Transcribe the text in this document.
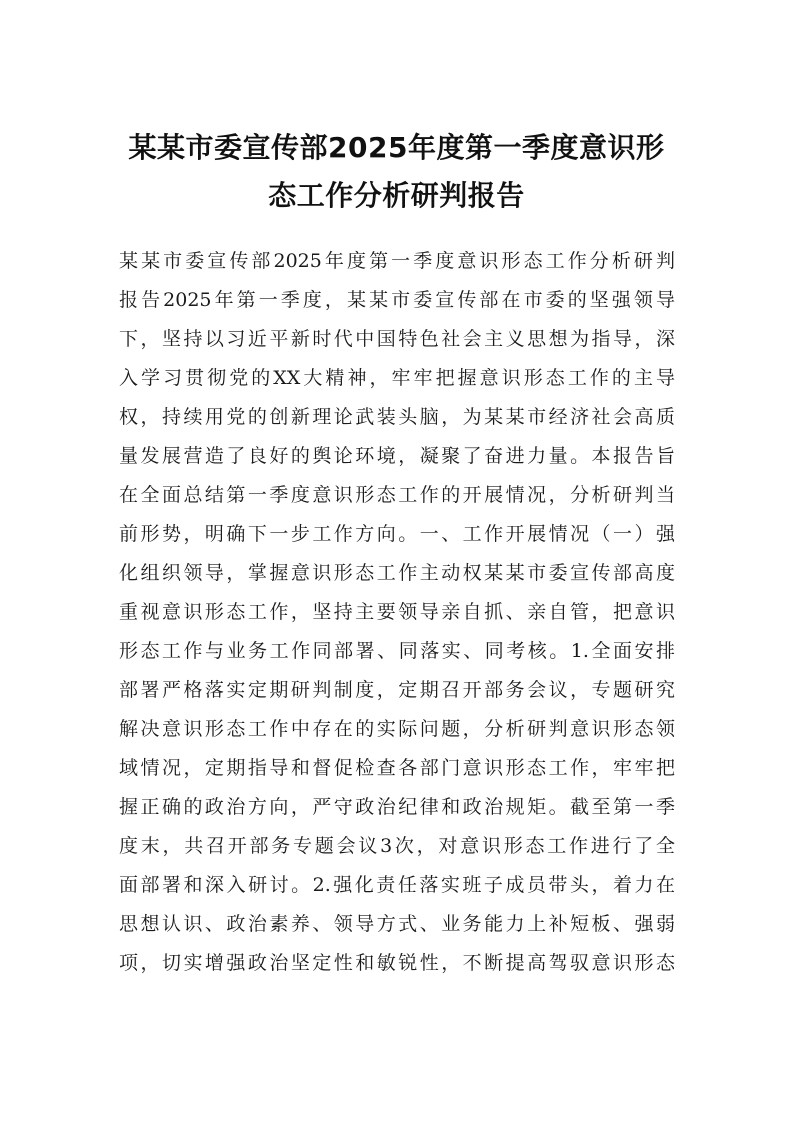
某某市委宣传部2025年度第一季度意识形
态工作分析研判报告
某某市委宣传部2025年度第一季度意识形态工作分析研判
报告2025年第一季度，某某市委宣传部在市委的坚强领导
下，坚持以习近平新时代中国特色社会主义思想为指导，深
入学习贯彻党的XX大精神，牢牢把握意识形态工作的主导
权，持续用党的创新理论武装头脑，为某某市经济社会高质
量发展营造了良好的舆论环境，凝聚了奋进力量。本报告旨
在全面总结第一季度意识形态工作的开展情况，分析研判当
前形势，明确下一步工作方向。一、工作开展情况（一）强
化组织领导，掌握意识形态工作主动权某某市委宣传部高度
重视意识形态工作，坚持主要领导亲自抓、亲自管，把意识
形态工作与业务工作同部署、同落实、同考核。1.全面安排
部署严格落实定期研判制度，定期召开部务会议，专题研究
解决意识形态工作中存在的实际问题，分析研判意识形态领
域情况，定期指导和督促检查各部门意识形态工作，牢牢把
握正确的政治方向，严守政治纪律和政治规矩。截至第一季
度末，共召开部务专题会议3次，对意识形态工作进行了全
面部署和深入研讨。2.强化责任落实班子成员带头，着力在
思想认识、政治素养、领导方式、业务能力上补短板、强弱
项，切实增强政治坚定性和敏锐性，不断提高驾驭意识形态
